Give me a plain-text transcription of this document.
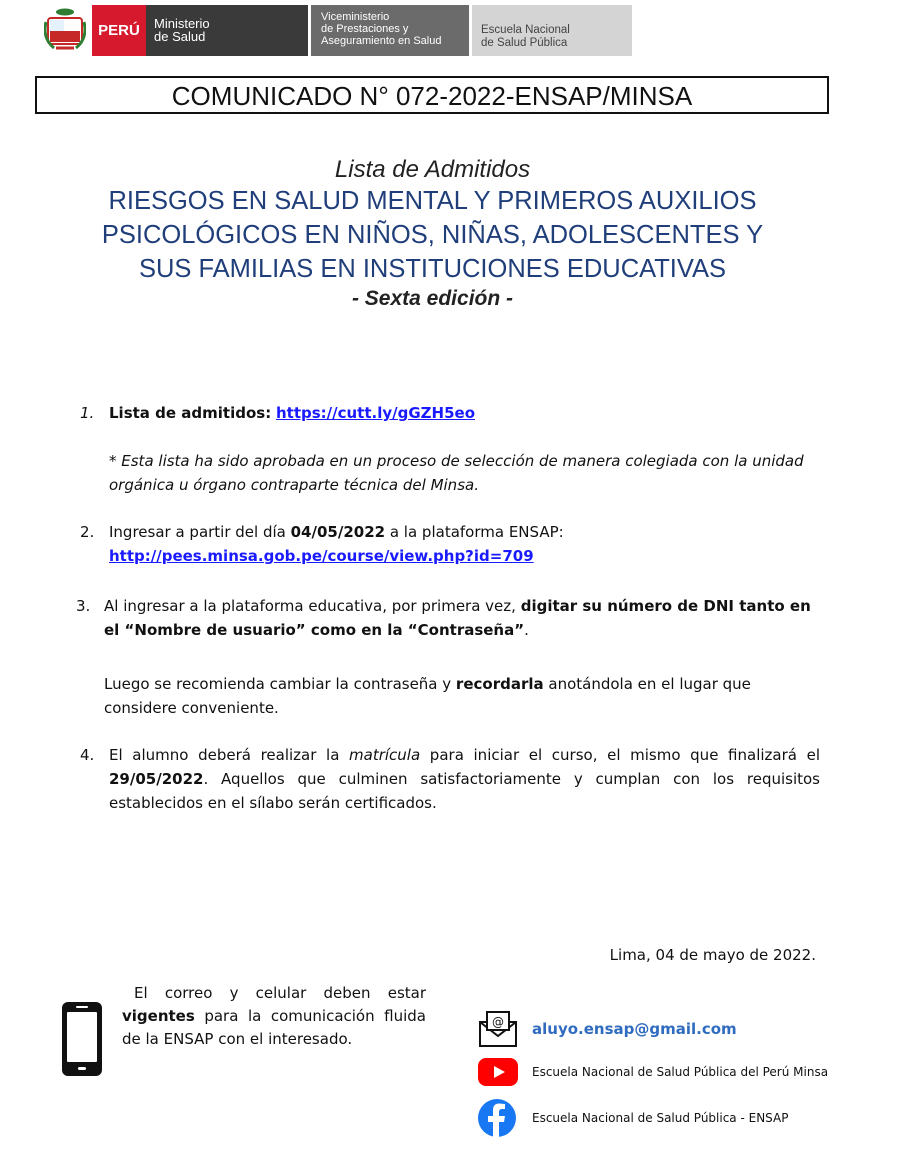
PERÚ	Ministerio
de Salud
Viceministerio
de Prestaciones y
Aseguramiento en Salud
Escuela Nacional
de Salud Pública
COMUNICADO N° 072-2022-ENSAP/MINSA
Lista de Admitidos
RIESGOS EN SALUD MENTAL Y PRIMEROS AUXILIOS
PSICOLÓGICOS EN NIÑOS, NIÑAS, ADOLESCENTES Y
SUS FAMILIAS EN INSTITUCIONES EDUCATIVAS
- Sexta edición -
1. Lista de admitidos: https://cutt.ly/gGZH5eo
* Esta lista ha sido aprobada en un proceso de selección de manera colegiada con la unidad
orgánica u órgano contraparte técnica del Minsa.
2. Ingresar a partir del día 04/05/2022 a la plataforma ENSAP:
http://pees.minsa.gob.pe/course/view.php?id=709
3. Al ingresar a la plataforma educativa, por primera vez, digitar su número de DNI tanto en
el “Nombre de usuario” como en la “Contraseña”.
Luego se recomienda cambiar la contraseña y recordarla anotándola en el lugar que
considere conveniente.
4. El alumno deberá realizar la matrícula para iniciar el curso, el mismo que finalizará el
29/05/2022. Aquellos que culminen satisfactoriamente y cumplan con los requisitos
establecidos en el sílabo serán certificados.
Lima, 04 de mayo de 2022.
El correo y celular deben estar
vigentes para la comunicación fluida
de la ENSAP con el interesado.
@ aluyo.ensap@gmail.com
Escuela Nacional de Salud Pública del Perú Minsa
Escuela Nacional de Salud Pública - ENSAP
